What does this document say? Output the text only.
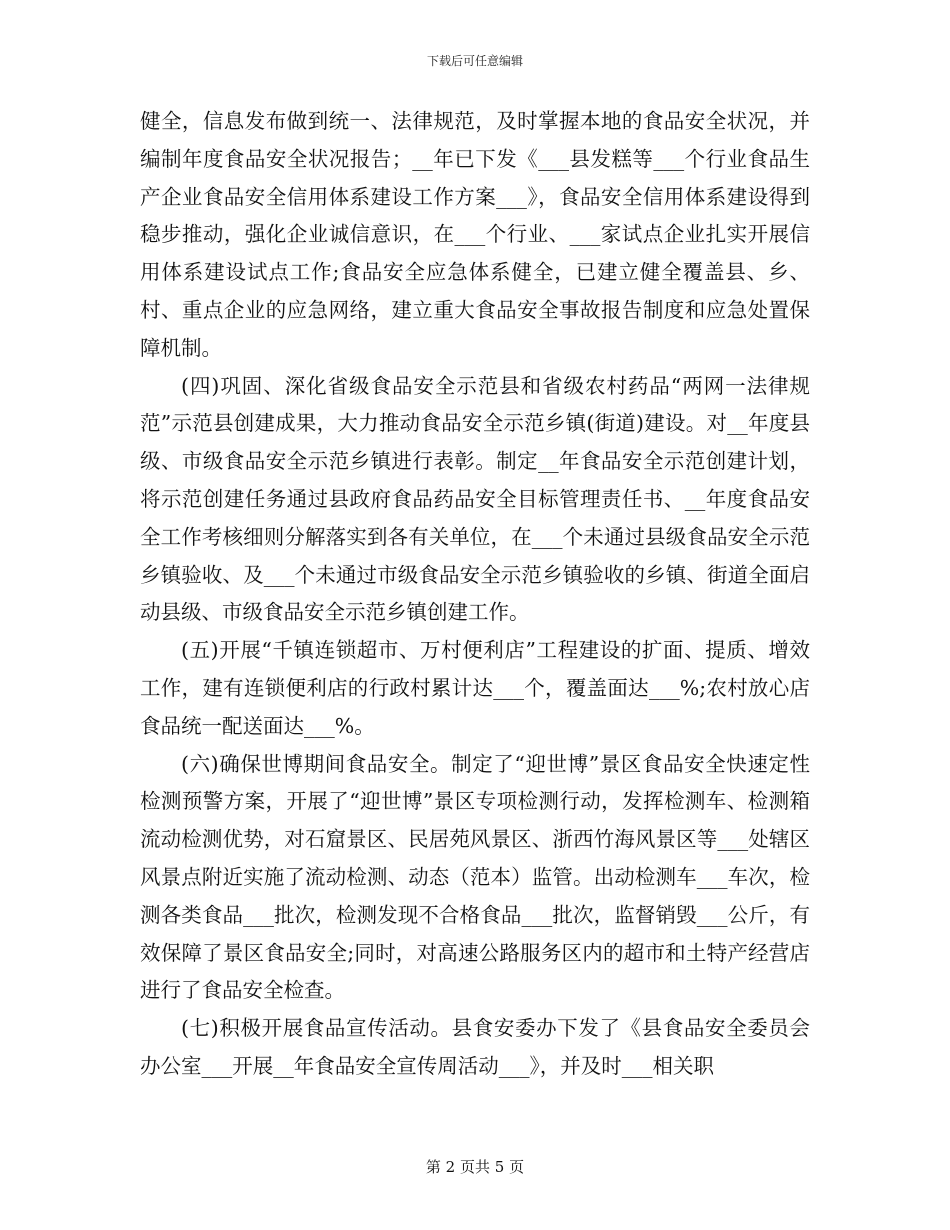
下载后可任意编辑

健全，信息发布做到统一、法律规范，及时掌握本地的食品安全状况，并编制年度食品安全状况报告；__年已下发《___县发糕等___个行业食品生产企业食品安全信用体系建设工作方案___》，食品安全信用体系建设得到稳步推动，强化企业诚信意识，在___个行业、___家试点企业扎实开展信用体系建设试点工作;食品安全应急体系健全，已建立健全覆盖县、乡、村、重点企业的应急网络，建立重大食品安全事故报告制度和应急处置保障机制。

(四)巩固、深化省级食品安全示范县和省级农村药品“两网一法律规范”示范县创建成果，大力推动食品安全示范乡镇(街道)建设。对__年度县级、市级食品安全示范乡镇进行表彰。制定__年食品安全示范创建计划，将示范创建任务通过县政府食品药品安全目标管理责任书、__年度食品安全工作考核细则分解落实到各有关单位，在___个未通过县级食品安全示范乡镇验收、及___个未通过市级食品安全示范乡镇验收的乡镇、街道全面启动县级、市级食品安全示范乡镇创建工作。

(五)开展“千镇连锁超市、万村便利店”工程建设的扩面、提质、增效工作，建有连锁便利店的行政村累计达___个，覆盖面达___%;农村放心店食品统一配送面达___%。

(六)确保世博期间食品安全。制定了“迎世博”景区食品安全快速定性检测预警方案，开展了“迎世博”景区专项检测行动，发挥检测车、检测箱流动检测优势，对石窟景区、民居苑风景区、浙西竹海风景区等___处辖区风景点附近实施了流动检测、动态（范本）监管。出动检测车___车次，检测各类食品___批次，检测发现不合格食品___批次，监督销毁___公斤，有效保障了景区食品安全;同时，对高速公路服务区内的超市和土特产经营店进行了食品安全检查。

(七)积极开展食品宣传活动。县食安委办下发了《县食品安全委员会办公室___开展__年食品安全宣传周活动___》，并及时___相关职

第 2 页共 5 页
